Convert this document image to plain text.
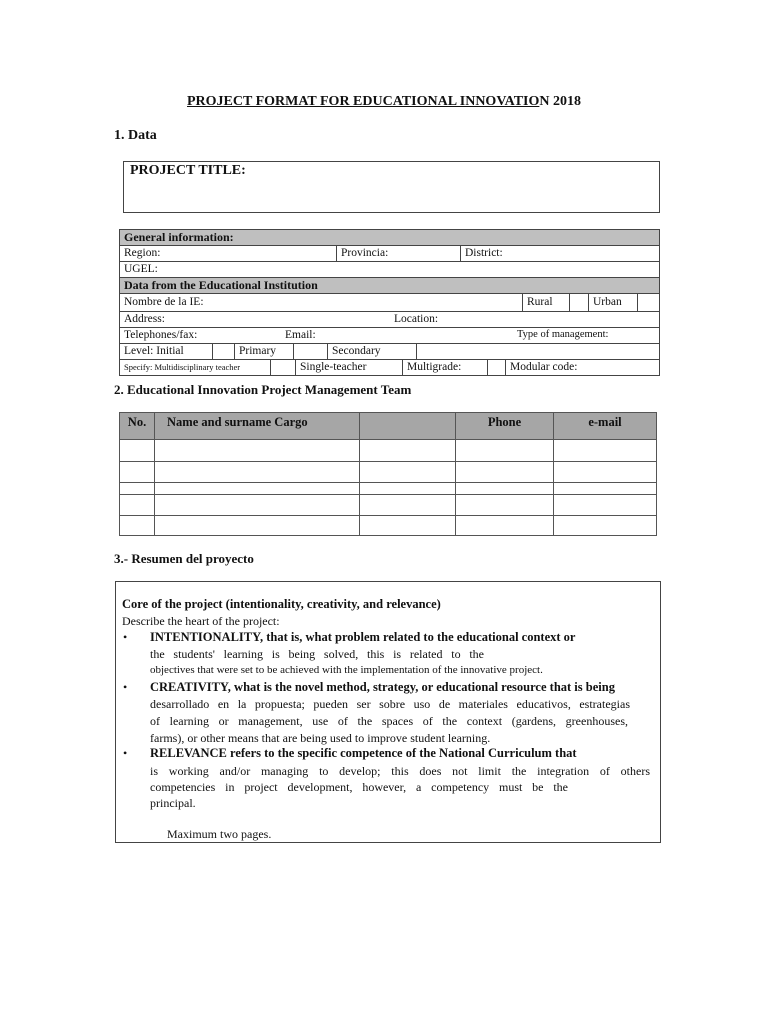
PROJECT FORMAT FOR EDUCATIONAL INNOVATION 2018
1. Data
PROJECT TITLE:
General information:
Region:	Provincia:	District:
UGEL:
Data from the Educational Institution
Nombre de la IE:	Rural	Urban
Address:	Location:
Telephones/fax:	Email:	Type of management:
Level: Initial	Primary	Secondary
Specify: Multidisciplinary teacher	Single-teacher	Multigrade:	Modular code:
2. Educational Innovation Project Management Team
No.	Name and surname Cargo		Phone	e-mail

3.- Resumen del proyecto
Core of the project (intentionality, creativity, and relevance)
Describe the heart of the project:
• INTENTIONALITY, that is, what problem related to the educational context or
the students' learning is being solved, this is related to the
objectives that were set to be achieved with the implementation of the innovative project.
• CREATIVITY, what is the novel method, strategy, or educational resource that is being
desarrollado en la propuesta; pueden ser sobre uso de materiales educativos, estrategias
of learning or management, use of the spaces of the context (gardens, greenhouses,
farms), or other means that are being used to improve student learning.
• RELEVANCE refers to the specific competence of the National Curriculum that
is working and/or managing to develop; this does not limit the integration of others
competencies in project development, however, a competency must be the
principal.
Maximum two pages.
